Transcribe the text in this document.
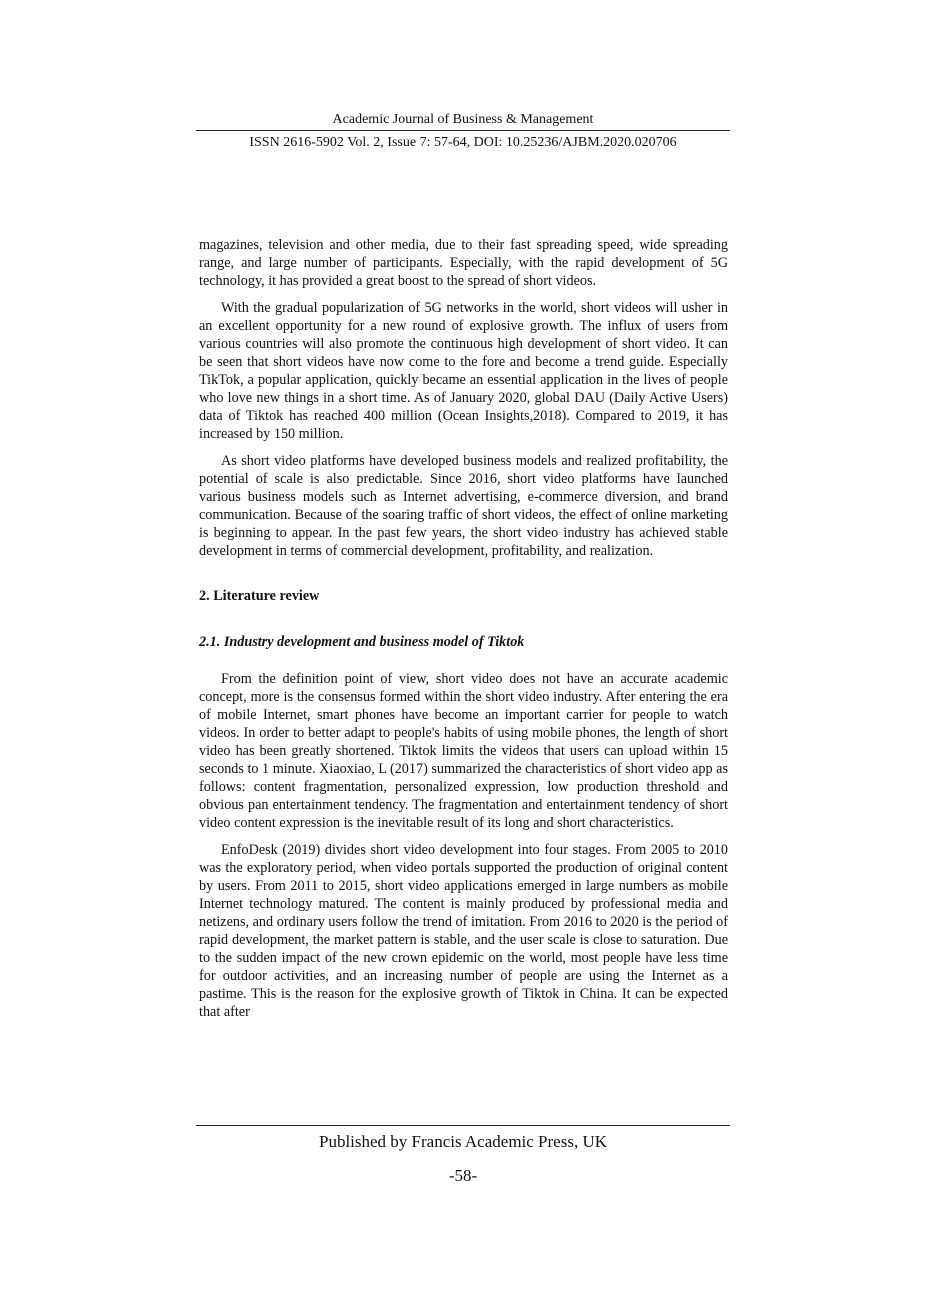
Academic Journal of Business & Management
ISSN 2616-5902 Vol. 2, Issue 7: 57-64, DOI: 10.25236/AJBM.2020.020706

magazines, television and other media, due to their fast spreading speed, wide spreading range, and large number of participants. Especially, with the rapid development of 5G technology, it has provided a great boost to the spread of short videos.

With the gradual popularization of 5G networks in the world, short videos will usher in an excellent opportunity for a new round of explosive growth. The influx of users from various countries will also promote the continuous high development of short video. It can be seen that short videos have now come to the fore and become a trend guide. Especially TikTok, a popular application, quickly became an essential application in the lives of people who love new things in a short time. As of January 2020, global DAU (Daily Active Users) data of Tiktok has reached 400 million (Ocean Insights,2018). Compared to 2019, it has increased by 150 million.

As short video platforms have developed business models and realized profitability, the potential of scale is also predictable. Since 2016, short video platforms have launched various business models such as Internet advertising, e-commerce diversion, and brand communication. Because of the soaring traffic of short videos, the effect of online marketing is beginning to appear. In the past few years, the short video industry has achieved stable development in terms of commercial development, profitability, and realization.

2. Literature review
2.1. Industry development and business model of Tiktok

From the definition point of view, short video does not have an accurate academic concept, more is the consensus formed within the short video industry. After entering the era of mobile Internet, smart phones have become an important carrier for people to watch videos. In order to better adapt to people's habits of using mobile phones, the length of short video has been greatly shortened. Tiktok limits the videos that users can upload within 15 seconds to 1 minute. Xiaoxiao, L (2017) summarized the characteristics of short video app as follows: content fragmentation, personalized expression, low production threshold and obvious pan entertainment tendency. The fragmentation and entertainment tendency of short video content expression is the inevitable result of its long and short characteristics.

EnfoDesk (2019) divides short video development into four stages. From 2005 to 2010 was the exploratory period, when video portals supported the production of original content by users. From 2011 to 2015, short video applications emerged in large numbers as mobile Internet technology matured. The content is mainly produced by professional media and netizens, and ordinary users follow the trend of imitation. From 2016 to 2020 is the period of rapid development, the market pattern is stable, and the user scale is close to saturation. Due to the sudden impact of the new crown epidemic on the world, most people have less time for outdoor activities, and an increasing number of people are using the Internet as a pastime. This is the reason for the explosive growth of Tiktok in China. It can be expected that after

Published by Francis Academic Press, UK
-58-
